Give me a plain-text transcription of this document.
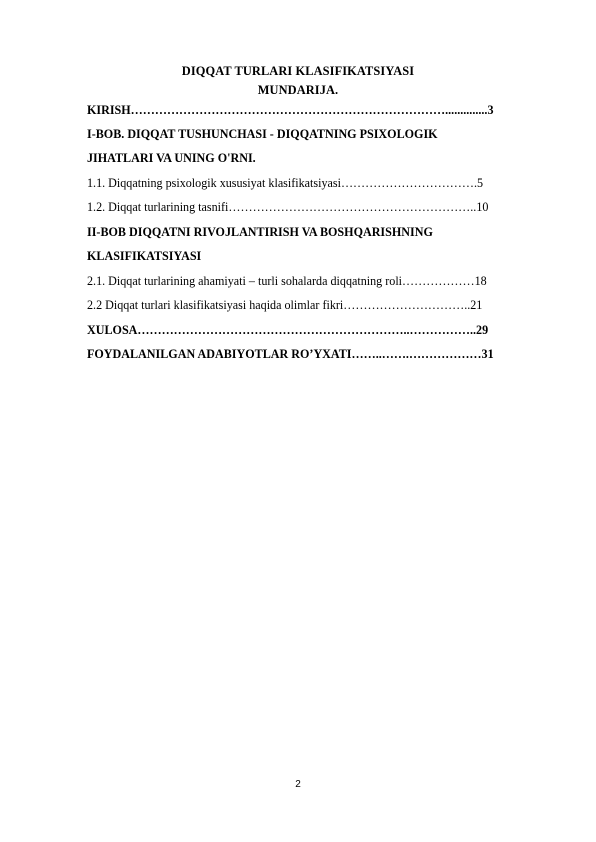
DIQQAT TURLARI KLASIFIKATSIYASI
MUNDARIJA.
KIRISH……………………………………………………………………..............3
I-BOB. DIQQAT TUSHUNCHASI - DIQQATNING PSIXOLOGIK
JIHATLARI VA UNING O'RNI.
1.1. Diqqatning psixologik xususiyat klasifikatsiyasi…………………………….5
1.2. Diqqat turlarining tasnifi……………………………………………………..10
II-BOB DIQQATNI RIVOJLANTIRISH VA BOSHQARISHNING
KLASIFIKATSIYASI
2.1. Diqqat turlarining ahamiyati – turli sohalarda diqqatning roli………………18
2.2 Diqqat turlari klasifikatsiyasi haqida olimlar fikri…………………………..21
XULOSA…………………………………………………………..……………..29
FOYDALANILGAN ADABIYOTLAR RO’YXATI……..…….………………31
2
